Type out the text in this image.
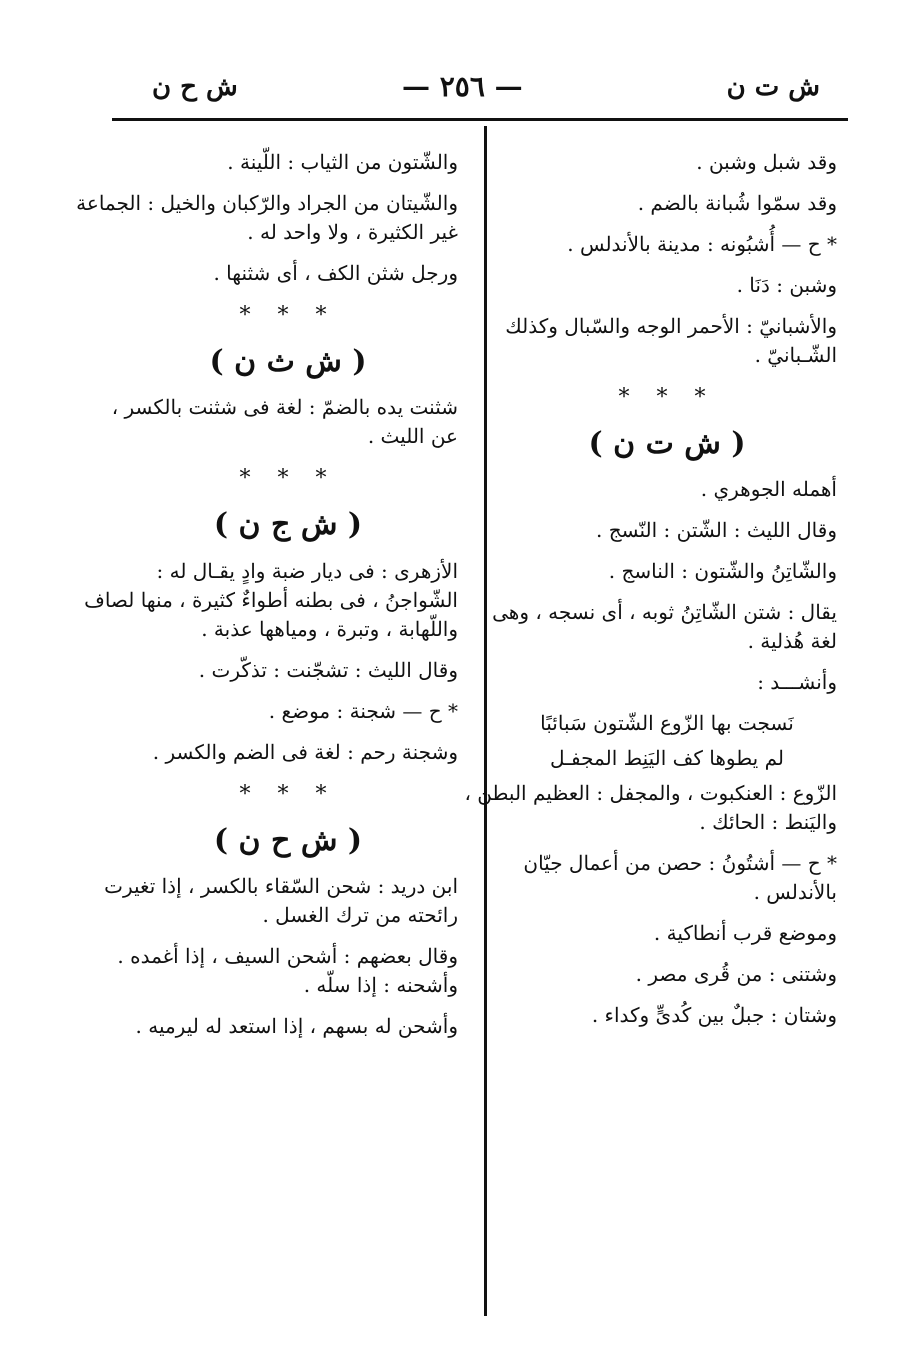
ش ت ن
— ٢٥٦ —
ش ح ن
وقد شبل وشبن .
وقد سمّوا شُبانة بالضم .
* ح — أُشبُونه : مدينة بالأندلس .
وشبن : دَنَا .
والأشبانيّ : الأحمر الوجه والسّبال وكذلك
الشّـبانيّ .
* * *
( ش ت ن )
أهمله الجوهري .
وقال الليث : الشّتن : النّسج .
والشّاتِنُ والشّتون : الناسج .
يقال : شتن الشّاتِنُ ثوبه ، أى نسجه ، وهى
لغة هُذلية .
وأنشـــد :
نَسجت بها الزّوع الشّتون سَبائبًا
لم يطوها كف اليَنِط المجفـل
الزّوع : العنكبوت ، والمجفل : العظيم البطن ،
واليَنط : الحائك .
* ح — أشتُونُ : حصن من أعمال جيّان
بالأندلس .
وموضع قرب أنطاكية .
وشتنى : من قُرى مصر .
وشتان : جبلٌ بين كُدىٍّ وكداء .
والشّتون من الثياب : اللّينة .
والشّيتان من الجراد والرّكبان والخيل : الجماعة
غير الكثيرة ، ولا واحد له .
ورجل شثن الكف ، أى شثنها .
* * *
( ش ث ن )
شثنت يده بالضمّ : لغة فى شثنت بالكسر ،
عن الليث .
* * *
( ش ج ن )
الأزهرى : فى ديار ضبة وادٍ يقـال له :
الشّواجنُ ، فى بطنه أطواءٌ كثيرة ، منها لصاف
واللّهابة ، وتبرة ، ومياهها عذبة .
وقال الليث : تشجّنت : تذكّرت .
* ح — شجنة : موضع .
وشجنة رحم : لغة فى الضم والكسر .
* * *
( ش ح ن )
ابن دريد : شحن السّقاء بالكسر ، إذا تغيرت
رائحته من ترك الغسل .
وقال بعضهم : أشحن السيف ، إذا أغمده .
وأشحنه : إذا سلّه .
وأشحن له بسهم ، إذا استعد له ليرميه .
